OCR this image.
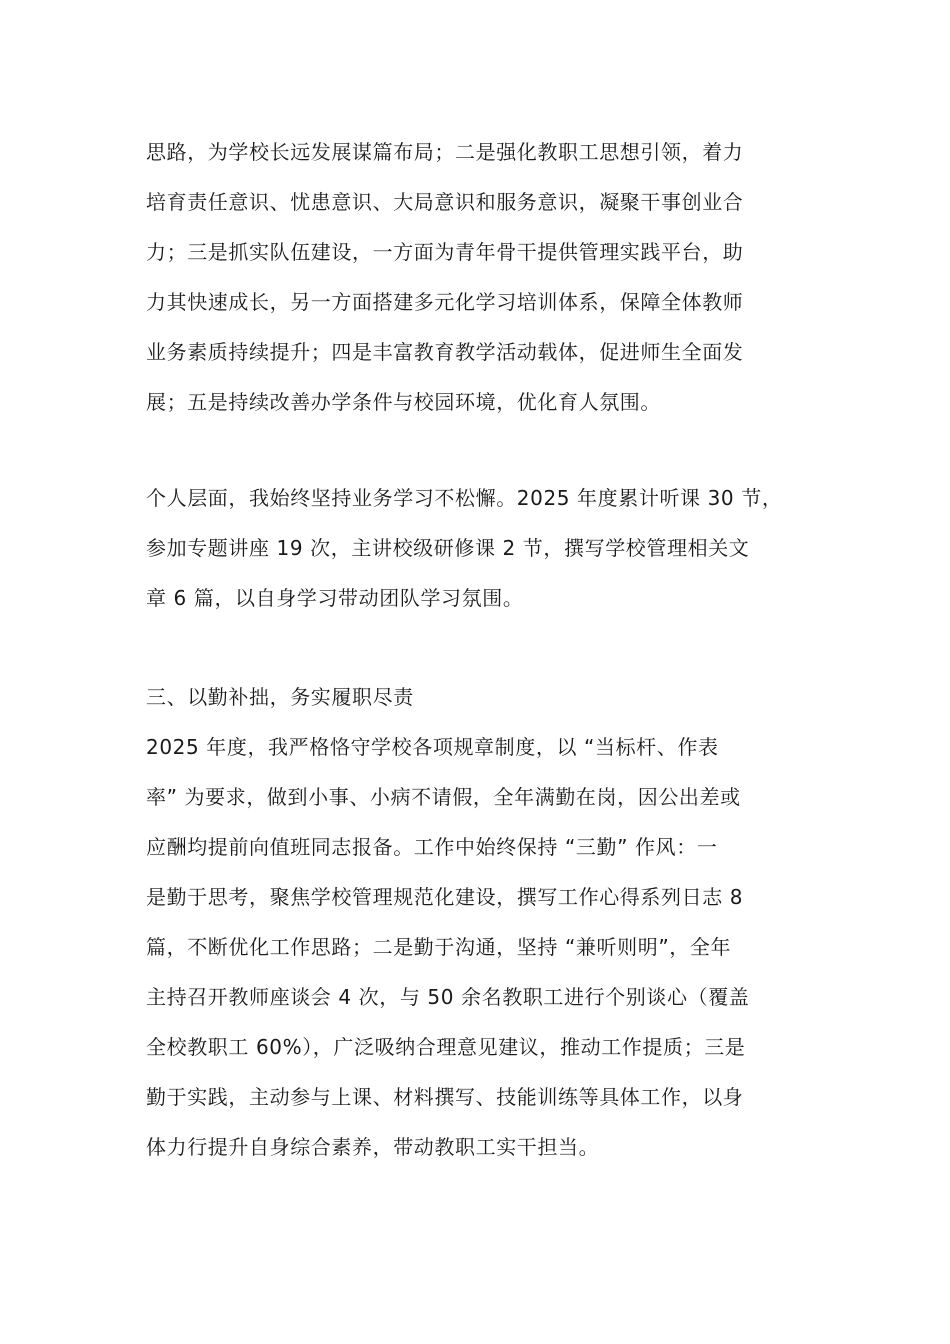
思路，为学校长远发展谋篇布局；二是强化教职工思想引领，着力
培育责任意识、忧患意识、大局意识和服务意识，凝聚干事创业合
力；三是抓实队伍建设，一方面为青年骨干提供管理实践平台，助
力其快速成长，另一方面搭建多元化学习培训体系，保障全体教师
业务素质持续提升；四是丰富教育教学活动载体，促进师生全面发
展；五是持续改善办学条件与校园环境，优化育人氛围。
个人层面，我始终坚持业务学习不松懈。2025 年度累计听课 30 节，
参加专题讲座 19 次，主讲校级研修课 2 节，撰写学校管理相关文
章 6 篇，以自身学习带动团队学习氛围。
三、以勤补拙，务实履职尽责
2025 年度，我严格恪守学校各项规章制度，以 “当标杆、作表
率” 为要求，做到小事、小病不请假，全年满勤在岗，因公出差或
应酬均提前向值班同志报备。工作中始终保持 “三勤” 作风：一
是勤于思考，聚焦学校管理规范化建设，撰写工作心得系列日志 8
篇，不断优化工作思路；二是勤于沟通，坚持 “兼听则明”，全年
主持召开教师座谈会 4 次，与 50 余名教职工进行个别谈心（覆盖
全校教职工 60%），广泛吸纳合理意见建议，推动工作提质；三是
勤于实践，主动参与上课、材料撰写、技能训练等具体工作，以身
体力行提升自身综合素养，带动教职工实干担当。
